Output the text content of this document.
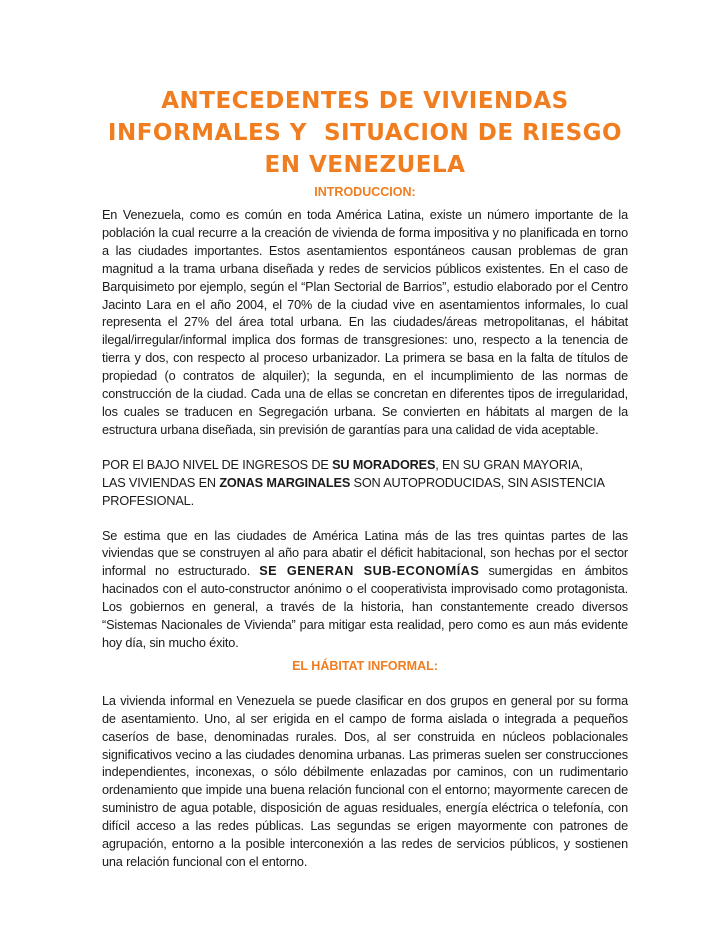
ANTECEDENTES DE VIVIENDAS
INFORMALES Y  SITUACION DE RIESGO
EN VENEZUELA
INTRODUCCION:

En Venezuela, como es común en toda América Latina, existe un número importante de la población la cual recurre a la creación de vivienda de forma impositiva y no planificada en torno a las ciudades importantes. Estos asentamientos espontáneos causan problemas de gran magnitud a la trama urbana diseñada y redes de servicios públicos existentes. En el caso de Barquisimeto por ejemplo, según el “Plan Sectorial de Barrios”, estudio elaborado por el Centro Jacinto Lara en el año 2004, el 70% de la ciudad vive en asentamientos informales, lo cual representa el 27% del área total urbana. En las ciudades/áreas metropolitanas, el hábitat ilegal/irregular/informal implica dos formas de transgresiones: uno, respecto a la tenencia de tierra y dos, con respecto al proceso urbanizador. La primera se basa en la falta de títulos de propiedad (o contratos de alquiler); la segunda, en el incumplimiento de las normas de construcción de la ciudad. Cada una de ellas se concretan en diferentes tipos de irregularidad, los cuales se traducen en Segregación urbana. Se convierten en hábitats al margen de la estructura urbana diseñada, sin previsión de garantías para una calidad de vida aceptable.

POR El BAJO NIVEL DE INGRESOS DE SU MORADORES, EN SU GRAN MAYORIA,
LAS VIVIENDAS EN ZONAS MARGINALES SON AUTOPRODUCIDAS, SIN ASISTENCIA
PROFESIONAL.

Se estima que en las ciudades de América Latina más de las tres quintas partes de las viviendas que se construyen al año para abatir el déficit habitacional, son hechas por el sector informal no estructurado. SE GENERAN SUB-ECONOMÍAS sumergidas en ámbitos hacinados con el auto-constructor anónimo o el cooperativista improvisado como protagonista. Los gobiernos en general, a través de la historia, han constantemente creado diversos “Sistemas Nacionales de Vivienda” para mitigar esta realidad, pero como es aun más evidente hoy día, sin mucho éxito.

EL HÁBITAT INFORMAL:

La vivienda informal en Venezuela se puede clasificar en dos grupos en general por su forma de asentamiento. Uno, al ser erigida en el campo de forma aislada o integrada a pequeños caseríos de base, denominadas rurales. Dos, al ser construida en núcleos poblacionales significativos vecino a las ciudades denomina urbanas. Las primeras suelen ser construcciones independientes, inconexas, o sólo débilmente enlazadas por caminos, con un rudimentario ordenamiento que impide una buena relación funcional con el entorno; mayormente carecen de suministro de agua potable, disposición de aguas residuales, energía eléctrica o telefonía, con difícil acceso a las redes públicas. Las segundas se erigen mayormente con patrones de agrupación, entorno a la posible interconexión a las redes de servicios públicos, y sostienen una relación funcional con el entorno.
